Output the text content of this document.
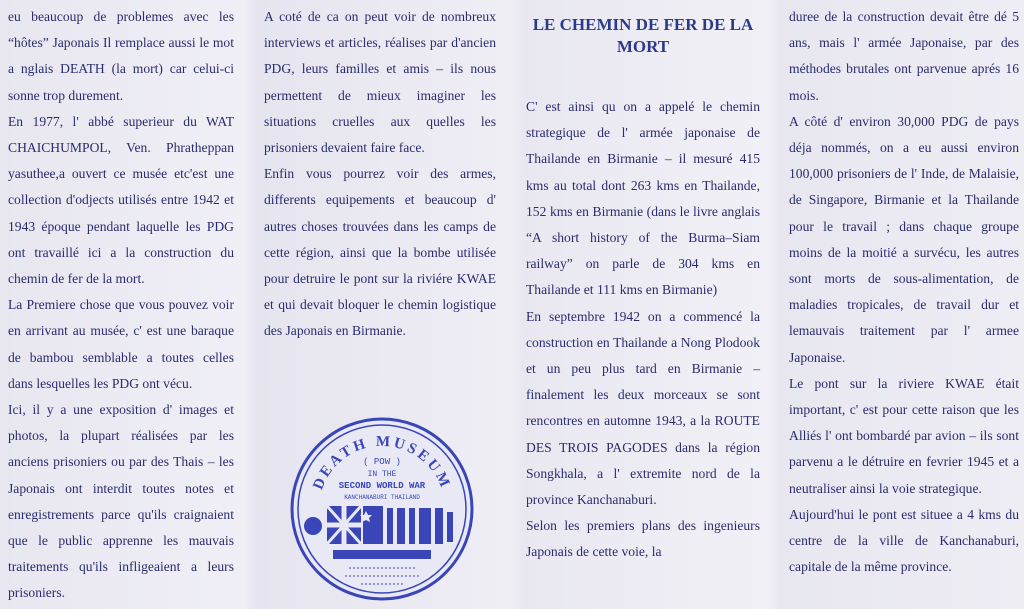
eu beaucoup de problemes avec les “hôtes” Japonais Il remplace aussi le mot a nglais DEATH (la mort) car celui-ci sonne trop durement.

En 1977, l' abbé superieur du WAT CHAICHUMPOL, Ven. Phratheppan yasuthee,a ouvert ce musée etc'est une collection d'odjects utilisés entre 1942 et 1943 époque pendant laquelle les PDG ont travaillé ici a la construction du chemin de fer de la mort.

La Premiere chose que vous pouvez voir en arrivant au musée, c' est une baraque de bambou semblable a toutes celles dans lesquelles les PDG ont vécu.

Ici, il y a une exposition d' images et photos, la plupart réalisées par les anciens prisoniers ou par des Thais – les Japonais ont interdit toutes notes et enregistrements parce qu'ils craignaient que le public apprenne les mauvais traitements qu'ils infligeaient a leurs prisoniers.

A coté de ca on peut voir de nombreux interviews et articles, réalises par d'ancien PDG, leurs familles et amis – ils nous permettent de mieux imaginer les situations cruelles aux quelles les prisoniers devaient faire face.

Enfin vous pourrez voir des armes, differents equipements et beaucoup d' autres choses trouvées dans les camps de cette région, ainsi que la bombe utilisée pour detruire le pont sur la riviére KWAE et qui devait bloquer le chemin logistique des Japonais en Birmanie.

DEATH MUSEUM
( POW )
IN THE
SECOND WORLD WAR
KANCHANABURI THAILAND
LE CHEMIN DE FER DE LA MORT

C' est ainsi qu on a appelé le chemin strategique de l' armée japonaise de Thailande en Birmanie – il mesuré 415 kms au total dont 263 kms en Thailande, 152 kms en Birmanie (dans le livre anglais “A short history of the Burma–Siam railway” on parle de 304 kms en Thailande et 111 kms en Birmanie)

En septembre 1942 on a commencé la construction en Thailande a Nong Plodook et un peu plus tard en Birmanie – finalement les deux morceaux se sont rencontres en automne 1943, a la ROUTE DES TROIS PAGODES dans la région Songkhala, a l' extremite nord de la province Kanchanaburi.

Selon les premiers plans des ingenieurs Japonais de cette voie, la

duree de la construction devait être dé 5 ans, mais l' armée Japonaise, par des méthodes brutales ont parvenue aprés 16 mois.

A côté d' environ 30,000 PDG de pays déja nommés, on a eu aussi environ 100,000 prisoniers de l' Inde, de Malaisie, de Singapore, Birmanie et la Thailande pour le travail ; dans chaque groupe moins de la moitié a survécu, les autres sont morts de sous-alimentation, de maladies tropicales, de travail dur et lemauvais traitement par l' armee Japonaise.

Le pont sur la riviere KWAE était important, c' est pour cette raison que les Alliés l' ont bombardé par avion – ils sont parvenu a le détruire en fevrier 1945 et a neutraliser ainsi la voie strategique.

Aujourd'hui le pont est situee a 4 kms du centre de la ville de Kanchanaburi, capitale de la même province.
